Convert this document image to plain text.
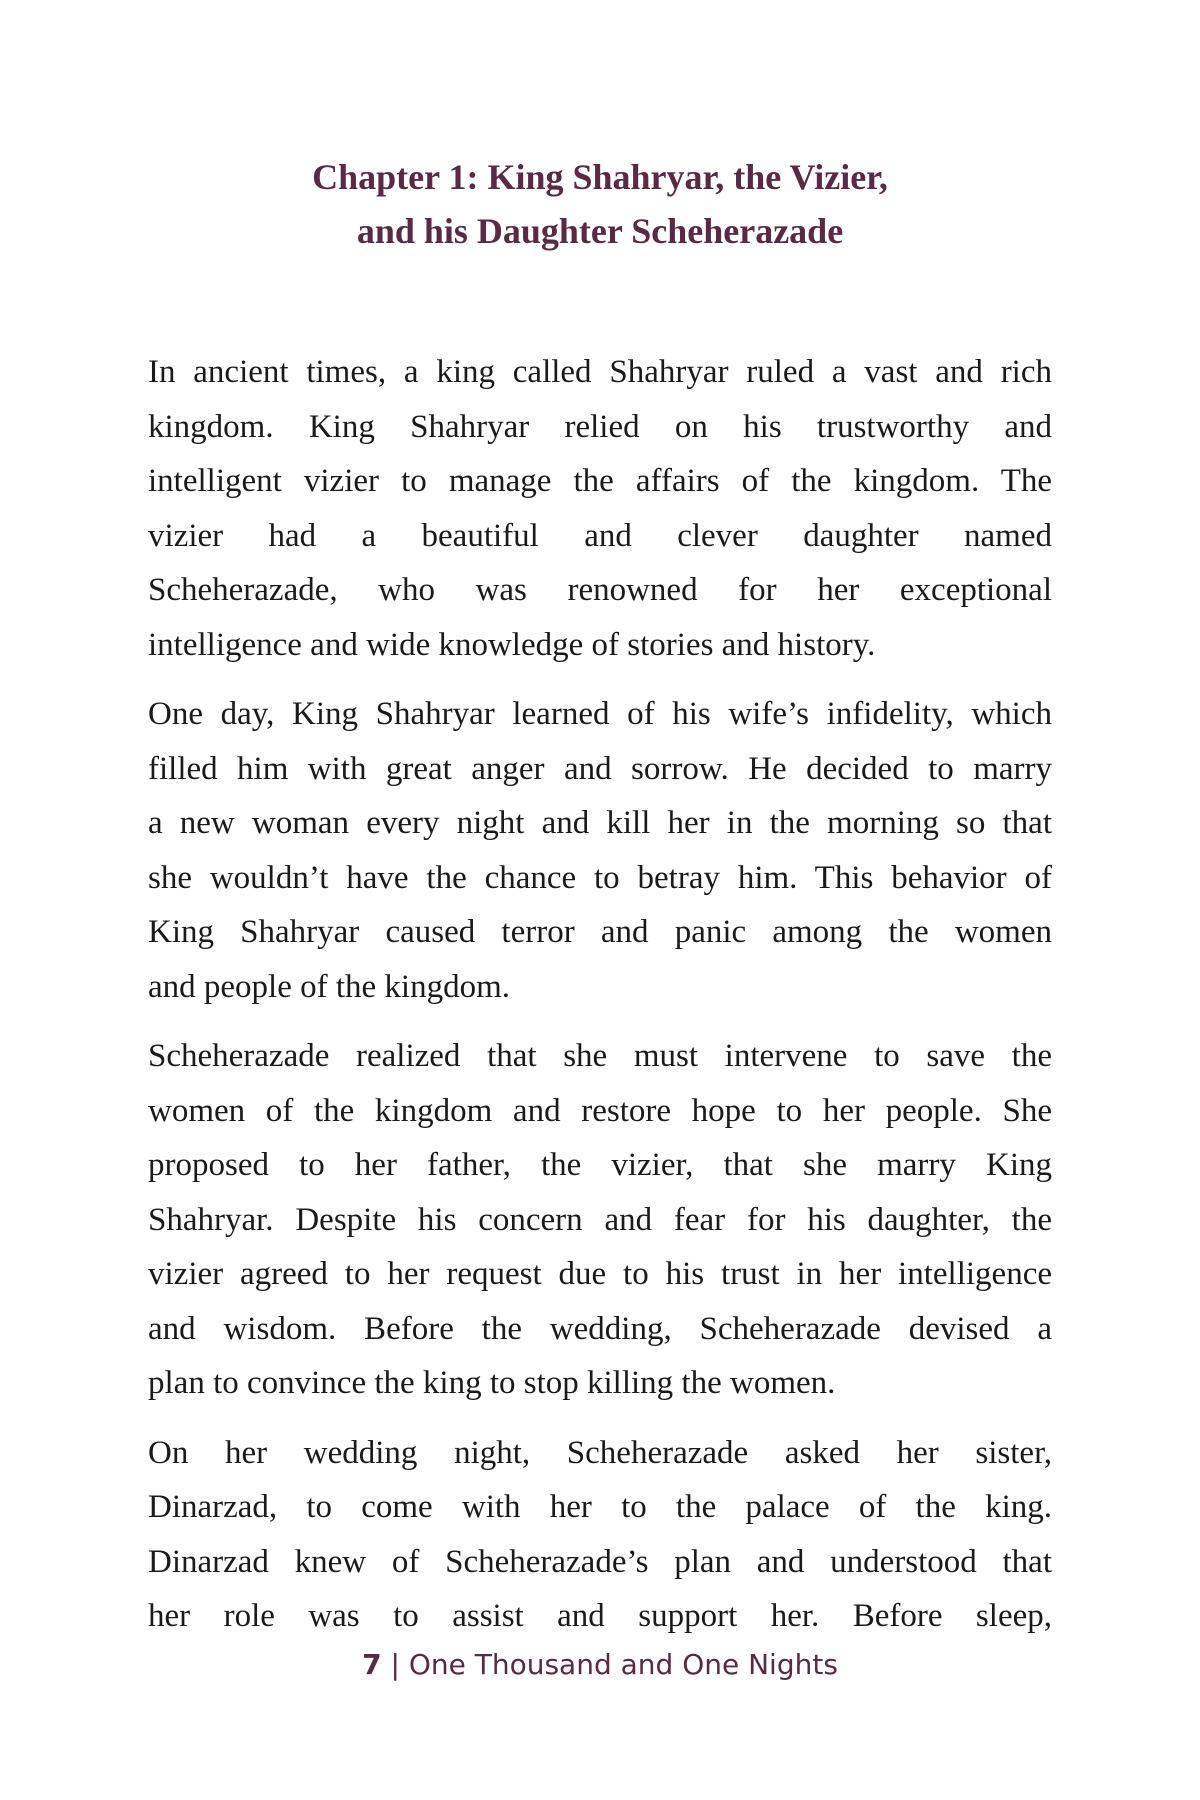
Chapter 1: King Shahryar, the Vizier,
and his Daughter Scheherazade

In ancient times, a king called Shahryar ruled a vast and rich
kingdom. King Shahryar relied on his trustworthy and
intelligent vizier to manage the affairs of the kingdom. The
vizier had a beautiful and clever daughter named
Scheherazade, who was renowned for her exceptional
intelligence and wide knowledge of stories and history.

One day, King Shahryar learned of his wife’s infidelity, which
filled him with great anger and sorrow. He decided to marry
a new woman every night and kill her in the morning so that
she wouldn’t have the chance to betray him. This behavior of
King Shahryar caused terror and panic among the women
and people of the kingdom.

Scheherazade realized that she must intervene to save the
women of the kingdom and restore hope to her people. She
proposed to her father, the vizier, that she marry King
Shahryar. Despite his concern and fear for his daughter, the
vizier agreed to her request due to his trust in her intelligence
and wisdom. Before the wedding, Scheherazade devised a
plan to convince the king to stop killing the women.

On her wedding night, Scheherazade asked her sister,
Dinarzad, to come with her to the palace of the king.
Dinarzad knew of Scheherazade’s plan and understood that
her role was to assist and support her. Before sleep,

7 | One Thousand and One Nights
